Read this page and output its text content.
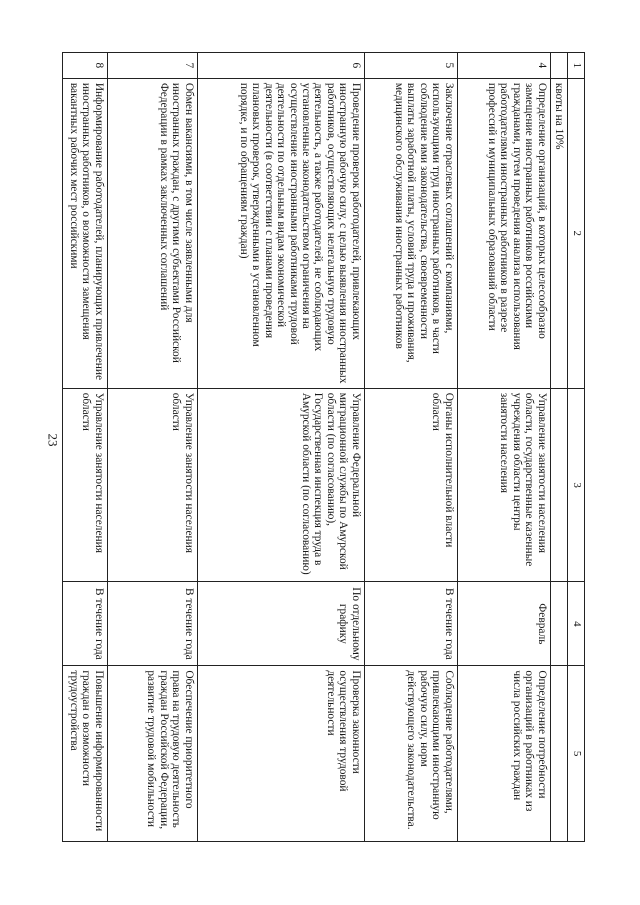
23
1	2	3	4	5
	квоты на 10%			
4	Определение организаций, в которых целесообразно замещение иностранных работников российскими гражданами, путем проведения анализа использования работодателями иностранных работников в разрезе профессий и муниципальных образований области	Управление занятости населения области, государственные казенные учреждения области центры занятости населения	Февраль	Определение потребности организаций в работниках из числа российских граждан
5	Заключение отраслевых соглашений с компаниями, использующими труд иностранных работников, в части соблюдение ими законодательства, своевременности выплаты заработной платы, условий труда и проживания, медицинского обслуживания иностранных работников	Органы исполнительной власти области	В течение года	Соблюдение работодателями, привлекающими иностранную рабочую силу, норм действующего законодательства.
6	Проведение проверок работодателей, привлекающих иностранную рабочую силу, с целью выявления иностранных работников, осуществляющих нелегальную трудовую деятельность, а также работодателей, не соблюдающих установленные законодательством ограничения на осуществление иностранными работниками трудовой деятельности по отдельным видам экономической деятельности (в соответствии с планами проведения плановых проверок, утвержденными в установленном порядке, и по обращениям граждан)	Управление Федеральной миграционной службы по Амурской области (по согласованию), Государственная инспекция труда в Амурской области (по согласованию)	По отдельному графику	Проверка законности осуществления трудовой деятельности
7	Обмен вакансиями, в том числе заявленными для иностранных граждан, с другими субъектами Российской Федерации в рамках заключенных соглашений	Управление занятости населения области	В течение года	Обеспечение приоритетного права на трудовую деятельность граждан Российской Федерации, развитие трудовой мобильности
8	Информирование работодателей, планирующих привлечение иностранных работников, о возможности замещения вакантных рабочих мест российскими	Управление занятости населения области	В течение года	Повышение информированности граждан о возможности трудоустройства
